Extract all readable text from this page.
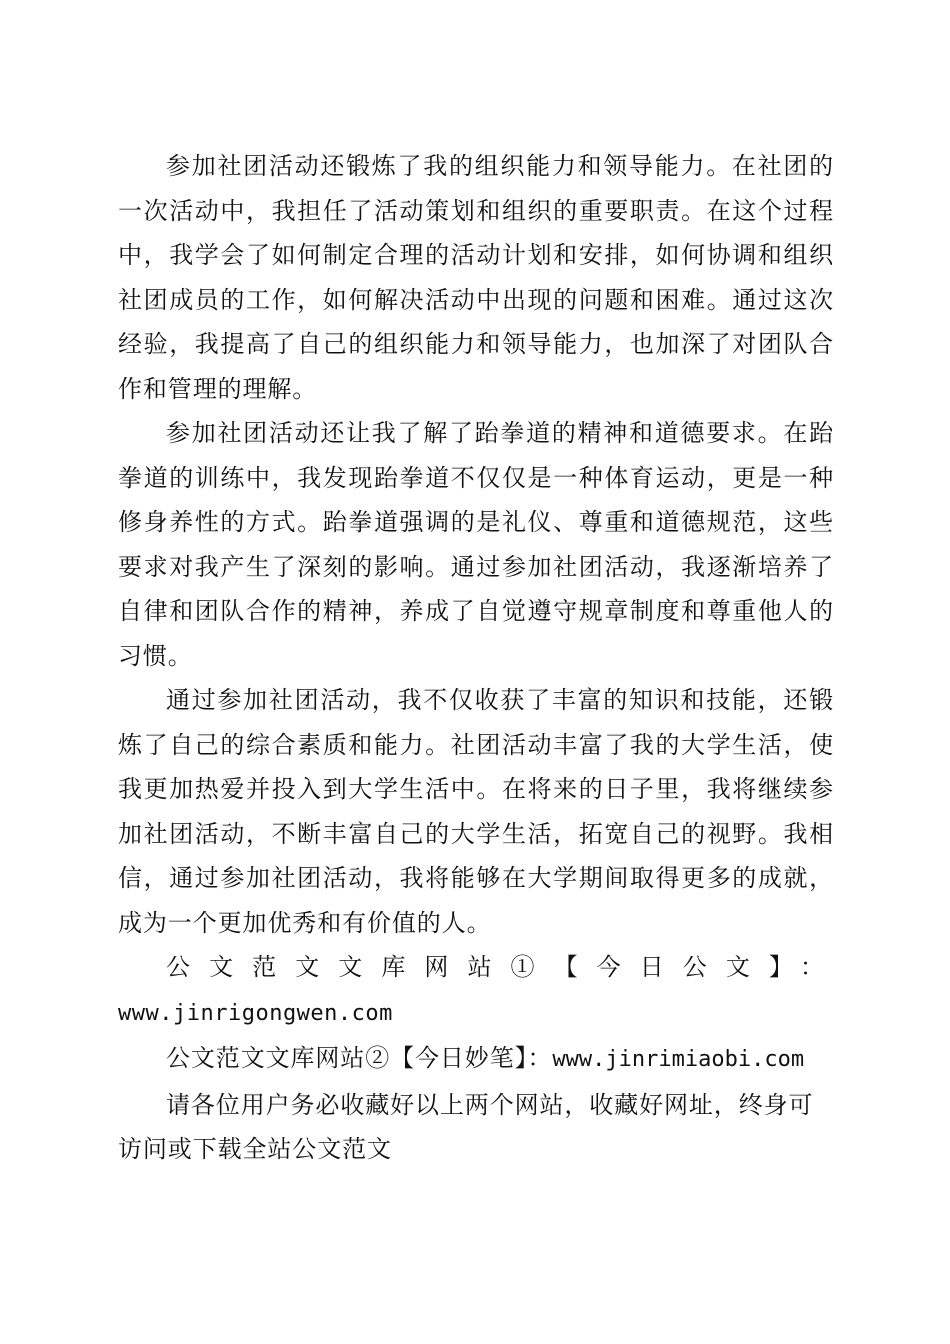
参加社团活动还锻炼了我的组织能力和领导能力。在社团的一次活动中，我担任了活动策划和组织的重要职责。在这个过程中，我学会了如何制定合理的活动计划和安排，如何协调和组织社团成员的工作，如何解决活动中出现的问题和困难。通过这次经验，我提高了自己的组织能力和领导能力，也加深了对团队合作和管理的理解。

参加社团活动还让我了解了跆拳道的精神和道德要求。在跆拳道的训练中，我发现跆拳道不仅仅是一种体育运动，更是一种修身养性的方式。跆拳道强调的是礼仪、尊重和道德规范，这些要求对我产生了深刻的影响。通过参加社团活动，我逐渐培养了自律和团队合作的精神，养成了自觉遵守规章制度和尊重他人的习惯。

通过参加社团活动，我不仅收获了丰富的知识和技能，还锻炼了自己的综合素质和能力。社团活动丰富了我的大学生活，使我更加热爱并投入到大学生活中。在将来的日子里，我将继续参加社团活动，不断丰富自己的大学生活，拓宽自己的视野。我相信，通过参加社团活动，我将能够在大学期间取得更多的成就，成为一个更加优秀和有价值的人。

公文范文文库网站①【今日公文】：www.jinrigongwen.com

公文范文文库网站②【今日妙笔】：www.jinrimiaobi.com

请各位用户务必收藏好以上两个网站，收藏好网址，终身可访问或下载全站公文范文
